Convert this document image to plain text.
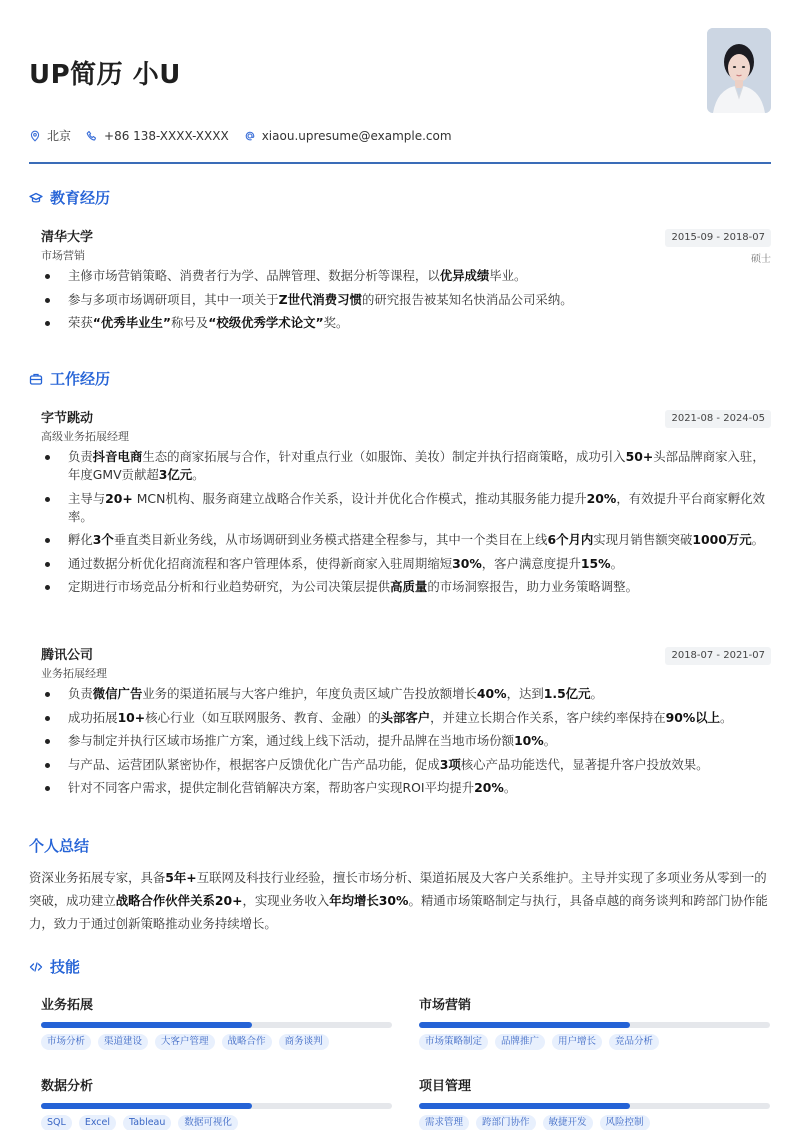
UP简历 小U
北京	+86 138-XXXX-XXXX	xiaou.upresume@example.com
教育经历
清华大学	2015-09 - 2018-07
市场营销	硕士
主修市场营销策略、消费者行为学、品牌管理、数据分析等课程，以优异成绩毕业。
参与多项市场调研项目，其中一项关于Z世代消费习惯的研究报告被某知名快消品公司采纳。
荣获“优秀毕业生”称号及“校级优秀学术论文”奖。
工作经历
字节跳动	2021-08 - 2024-05
高级业务拓展经理
负责抖音电商生态的商家拓展与合作，针对重点行业（如服饰、美妆）制定并执行招商策略，成功引入50+头部品牌商家入驻，年度GMV贡献超3亿元。
主导与20+ MCN机构、服务商建立战略合作关系，设计并优化合作模式，推动其服务能力提升20%，有效提升平台商家孵化效率。
孵化3个垂直类目新业务线，从市场调研到业务模式搭建全程参与，其中一个类目在上线6个月内实现月销售额突破1000万元。
通过数据分析优化招商流程和客户管理体系，使得新商家入驻周期缩短30%，客户满意度提升15%。
定期进行市场竞品分析和行业趋势研究，为公司决策层提供高质量的市场洞察报告，助力业务策略调整。
腾讯公司	2018-07 - 2021-07
业务拓展经理
负责微信广告业务的渠道拓展与大客户维护，年度负责区域广告投放额增长40%，达到1.5亿元。
成功拓展10+核心行业（如互联网服务、教育、金融）的头部客户，并建立长期合作关系，客户续约率保持在90%以上。
参与制定并执行区域市场推广方案，通过线上线下活动，提升品牌在当地市场份额10%。
与产品、运营团队紧密协作，根据客户反馈优化广告产品功能，促成3项核心产品功能迭代，显著提升客户投放效果。
针对不同客户需求，提供定制化营销解决方案，帮助客户实现ROI平均提升20%。
个人总结
资深业务拓展专家，具备5年+互联网及科技行业经验，擅长市场分析、渠道拓展及大客户关系维护。主导并实现了多项业务从零到一的突破，成功建立战略合作伙伴关系20+，实现业务收入年均增长30%。精通市场策略制定与执行，具备卓越的商务谈判和跨部门协作能力，致力于通过创新策略推动业务持续增长。
技能
业务拓展
市场分析	渠道建设	大客户管理	战略合作	商务谈判
市场营销
市场策略制定	品牌推广	用户增长	竞品分析
数据分析
SQL	Excel	Tableau	数据可视化
项目管理
需求管理	跨部门协作	敏捷开发	风险控制
